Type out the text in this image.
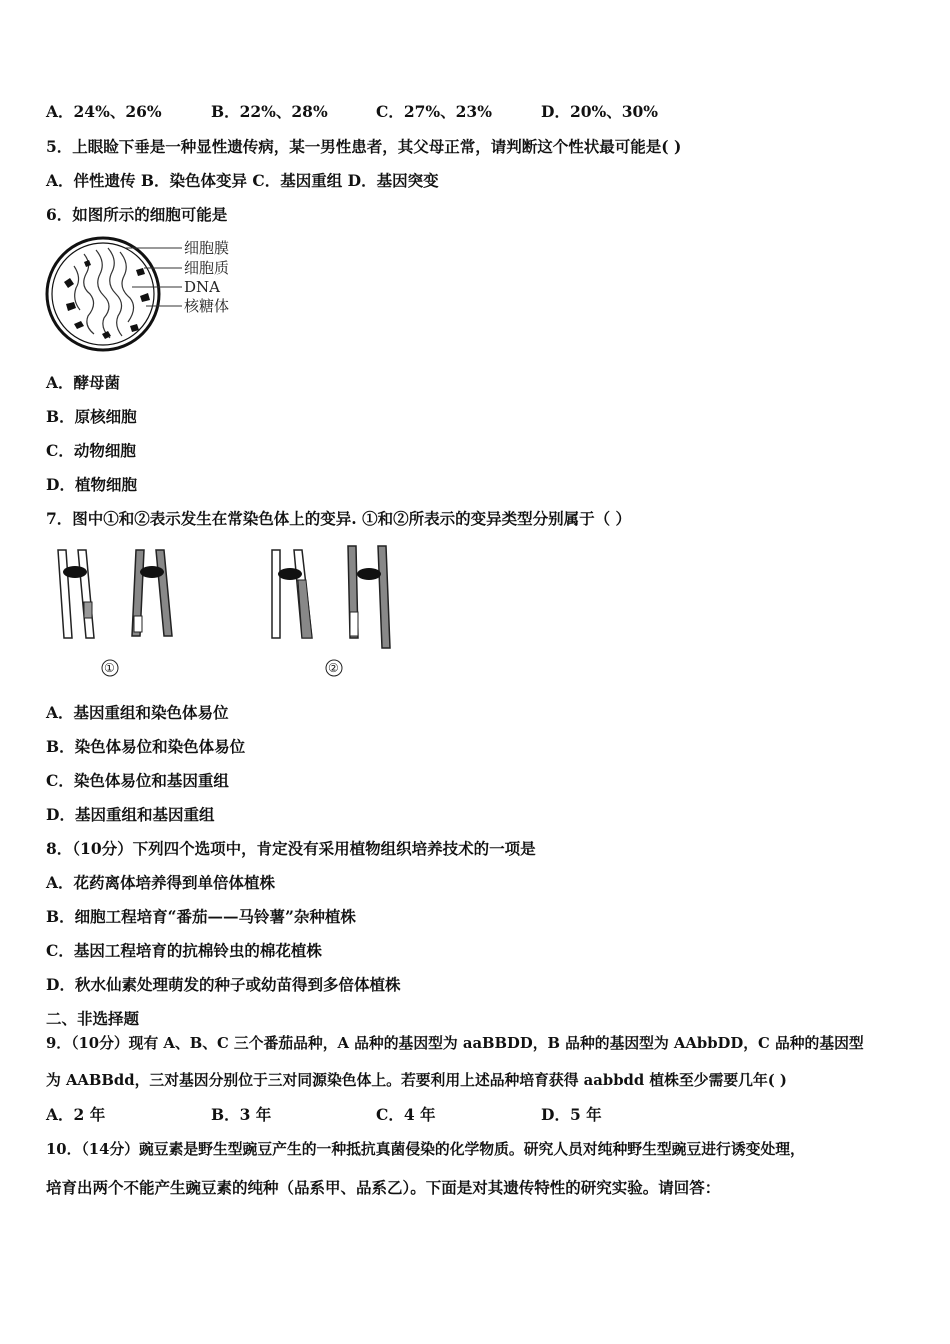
A．24%、26%	B．22%、28%	C．27%、23%	D．20%、30%
5．上眼睑下垂是一种显性遗传病，某一男性患者，其父母正常，请判断这个性状最可能是( )
A．伴性遗传 B．染色体变异 C．基因重组 D．基因突变
6．如图所示的细胞可能是
细胞膜
细胞质
DNA
核糖体
A．酵母菌
B．原核细胞
C．动物细胞
D．植物细胞
7．图中①和②表示发生在常染色体上的变异. ①和②所表示的变异类型分别属于（ ）
①	②
A．基因重组和染色体易位
B．染色体易位和染色体易位
C．染色体易位和基因重组
D．基因重组和基因重组
8．（10分）下列四个选项中，肯定没有采用植物组织培养技术的一项是
A．花药离体培养得到单倍体植株
B．细胞工程培育“番茄——马铃薯”杂种植株
C．基因工程培育的抗棉铃虫的棉花植株
D．秋水仙素处理萌发的种子或幼苗得到多倍体植株
二、非选择题
9．（10分）现有 A、B、C 三个番茄品种，A 品种的基因型为 aaBBDD，B 品种的基因型为 AAbbDD，C 品种的基因型
为 AABBdd，三对基因分别位于三对同源染色体上。若要利用上述品种培育获得 aabbdd 植株至少需要几年( )
A．2 年	B．3 年	C．4 年	D．5 年
10．（14分）豌豆素是野生型豌豆产生的一种抵抗真菌侵染的化学物质。研究人员对纯种野生型豌豆进行诱变处理，
培育出两个不能产生豌豆素的纯种（品系甲、品系乙）。下面是对其遗传特性的研究实验。请回答：
